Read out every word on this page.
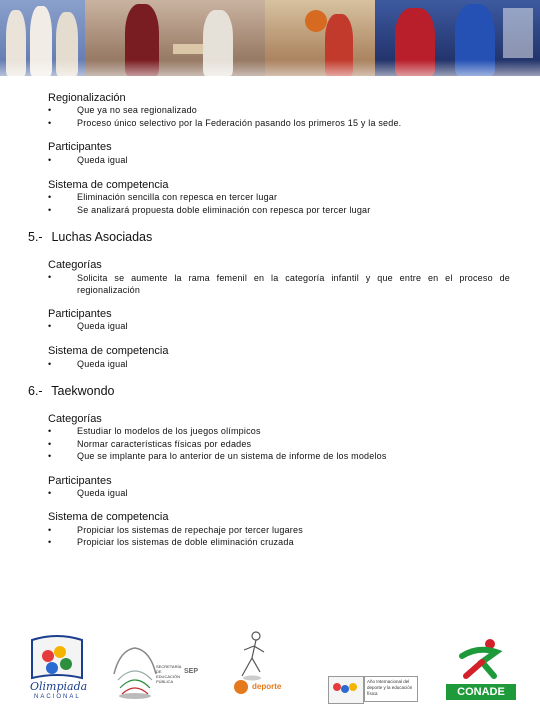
Regionalización
•	Que ya no sea regionalizado
•	Proceso único selectivo por la Federación pasando los primeros 15 y la sede.
Participantes
•	Queda igual
Sistema de competencia
•	Eliminación sencilla con repesca en tercer lugar
•	Se analizará propuesta doble eliminación con repesca por tercer lugar
5.- Luchas Asociadas
Categorías
•	Solicita se aumente la rama femenil en la categoría infantil y que entre en el proceso de regionalización
Participantes
•	Queda igual
Sistema de competencia
•	Queda igual
6.- Taekwondo
Categorías
•	Estudiar lo modelos de los juegos olímpicos
•	Normar características físicas por edades
•	Que se implante para lo anterior de un sistema de informe de los modelos
Participantes
•	Queda igual
Sistema de competencia
•	Propiciar los sistemas de repechaje por tercer lugares
•	Propiciar los sistemas de doble eliminación cruzada
Olimpiada
NACIONAL
SECRETARÍA DE EDUCACIÓN PÚBLICA
SEP
deporte
Año Internacional del deporte y la educación física	CONADE
